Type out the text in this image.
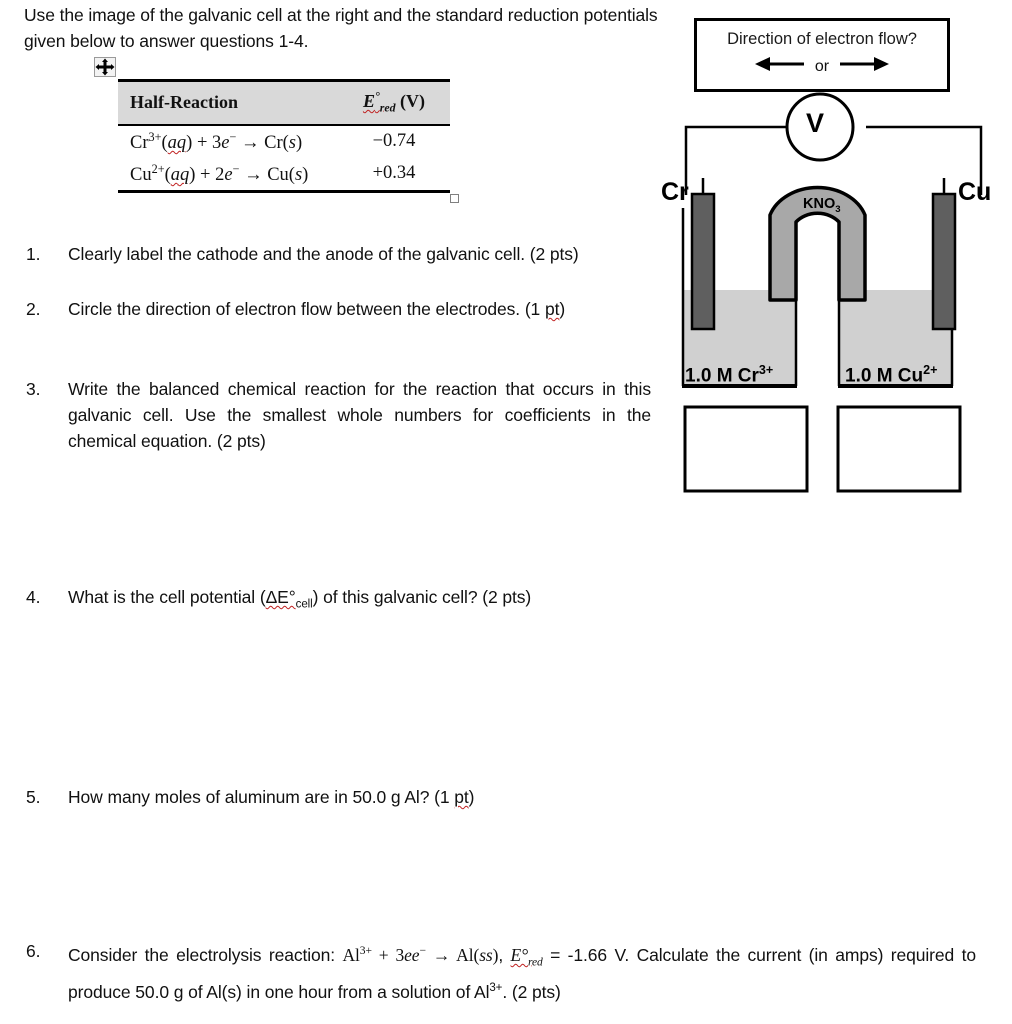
Use the image of the galvanic cell at the right and the standard reduction potentials given below to answer questions 1-4.
Half-Reaction	$E^\circ_{red}$ (V)
$Cr^{3+}(aq) + 3e^- \to Cr(s)$	−0.74
$Cu^{2+}(aq) + 2e^- \to Cu(s)$	+0.34
1.	Clearly label the cathode and the anode of the galvanic cell. (2 pts)
2.	Circle the direction of electron flow between the electrodes. (1 pt)
3.	Write the balanced chemical reaction for the reaction that occurs in this galvanic cell. Use the smallest whole numbers for coefficients in the chemical equation. (2 pts)
4.	What is the cell potential $(\Delta E^\circ_{cell})$ of this galvanic cell? (2 pts)
5.	How many moles of aluminum are in 50.0 g Al? (1 pt)
6.	Consider the electrolysis reaction: $Al^{3+} + 3ee^- \to Al(ss)$, $E^\circ_{red} = -1.66$ V. Calculate the current (in amps) required to produce 50.0 g of Al(s) in one hour from a solution of $Al^{3+}$. (2 pts)
Direction of electron flow?
or
V
Cr	Cu
$KNO_3$
1.0 M $Cr^{3+}$	1.0 M $Cu^{2+}$
